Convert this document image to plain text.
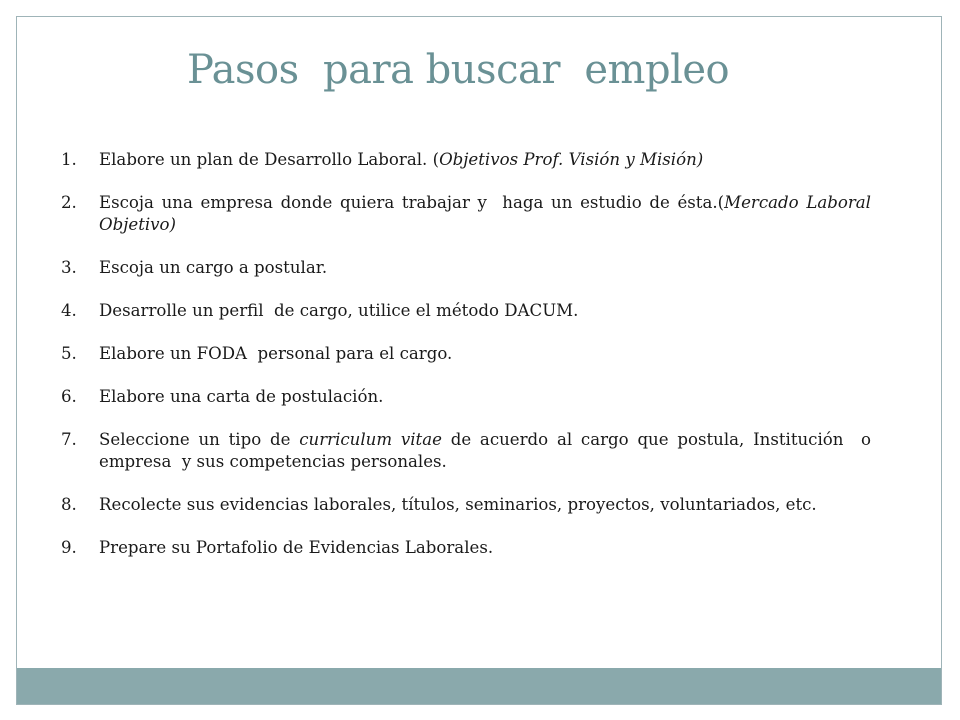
Pasos  para buscar  empleo
1.	Elabore un plan de Desarrollo Laboral. (Objetivos Prof. Visión y Misión)
2.	Escoja una empresa donde quiera trabajar y  haga un estudio de ésta.(Mercado Laboral Objetivo)
3.	Escoja un cargo a postular.
4.	Desarrolle un perfil  de cargo, utilice el método DACUM.
5.	Elabore un FODA  personal para el cargo.
6.	Elabore una carta de postulación.
7.	Seleccione un tipo de curriculum vitae de acuerdo al cargo que postula, Institución  o empresa  y sus competencias personales.
8.	Recolecte sus evidencias laborales, títulos, seminarios, proyectos, voluntariados, etc.
9.	Prepare su Portafolio de Evidencias Laborales.
